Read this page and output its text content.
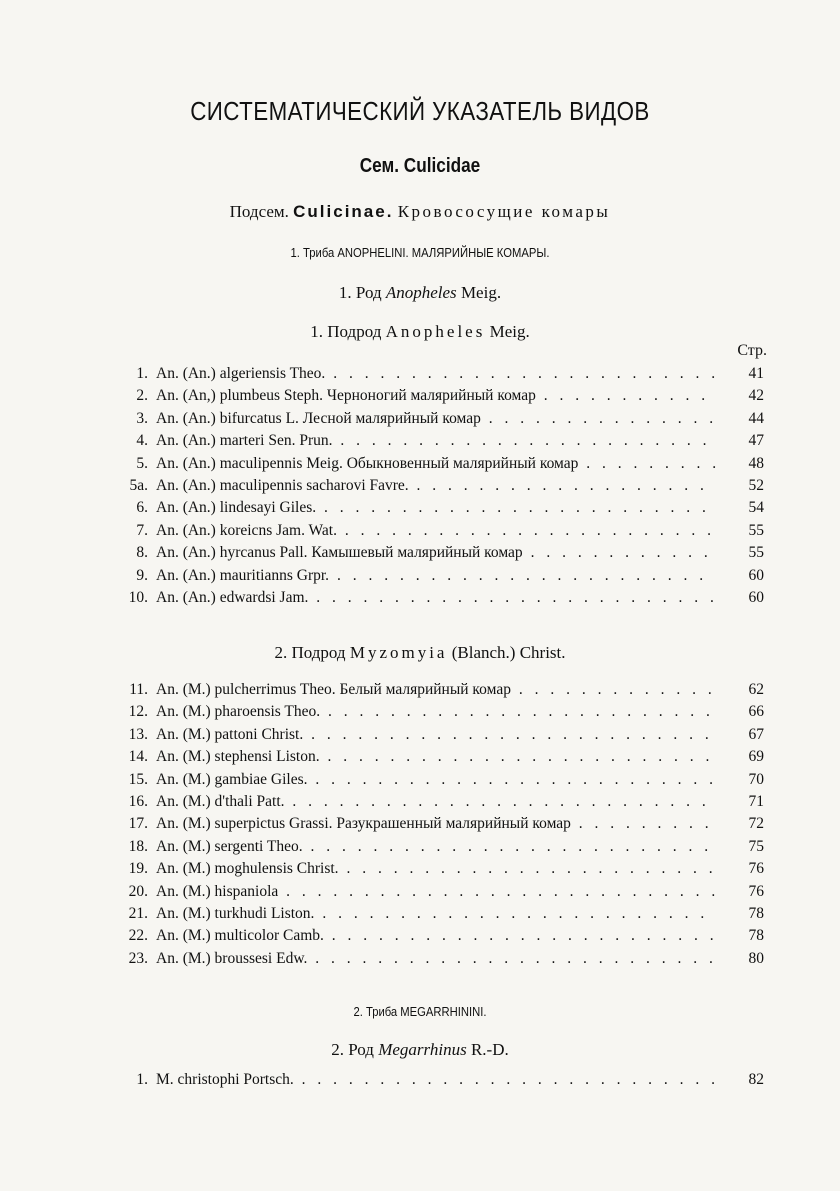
СИСТЕМАТИЧЕСКИЙ УКАЗАТЕЛЬ ВИДОВ
Сем. Culicidae
Подсем. Culicinae. Кровососущие комары
1. Триба ANOPHELINI. МАЛЯРИЙНЫЕ КОМАРЫ.
1. Род Anopheles Meig.
1. Подрод Anopheles Meig.
Стр.
1. An. (An.) algeriensis Theo. . . .	41
2. An. (An,) plumbeus Steph. Черноногий малярийный комар . . .	42
3. An. (An.) bifurcatus L. Лесной малярийный комар . . .	44
4. An. (An.) marteri Sen. Prun. . . .	47
5. An. (An.) maculipennis Meig. Обыкновенный малярийный комар . . .	48
5a. An. (An.) maculipennis sacharovi Favre. . . .	52
6. An. (An.) lindesayi Giles. . . .	54
7. An. (An.) koreicns Jam. Wat. . . .	55
8. An. (An.) hyrcanus Pall. Камышевый малярийный комар . . .	55
9. An. (An.) mauritianns Grpr. . . .	60
10. An. (An.) edwardsi Jam. . . .	60
2. Подрод Myzomyia (Blanch.) Christ.
11. An. (M.) pulcherrimus Theo. Белый малярийный комар . . .	62
12. An. (M.) pharoensis Theo. . . .	66
13. An. (M.) pattoni Christ. . . .	67
14. An. (M.) stephensi Liston. . . .	69
15. An. (M.) gambiae Giles. . . .	70
16. An. (M.) d'thali Patt. . . .	71
17. An. (M.) superpictus Grassi. Разукрашенный малярийный комар . . .	72
18. An. (M.) sergenti Theo. . . .	75
19. An. (M.) moghulensis Christ. . . .	76
20. An. (M.) hispaniola . . .	76
21. An. (M.) turkhudi Liston. . . .	78
22. An. (M.) multicolor Camb. . . .	78
23. An. (M.) broussesi Edw. . . .	80
2. Триба MEGARRHININI.
2. Род Megarrhinus R.-D.
1. M. christophi Portsch. . . .	82
